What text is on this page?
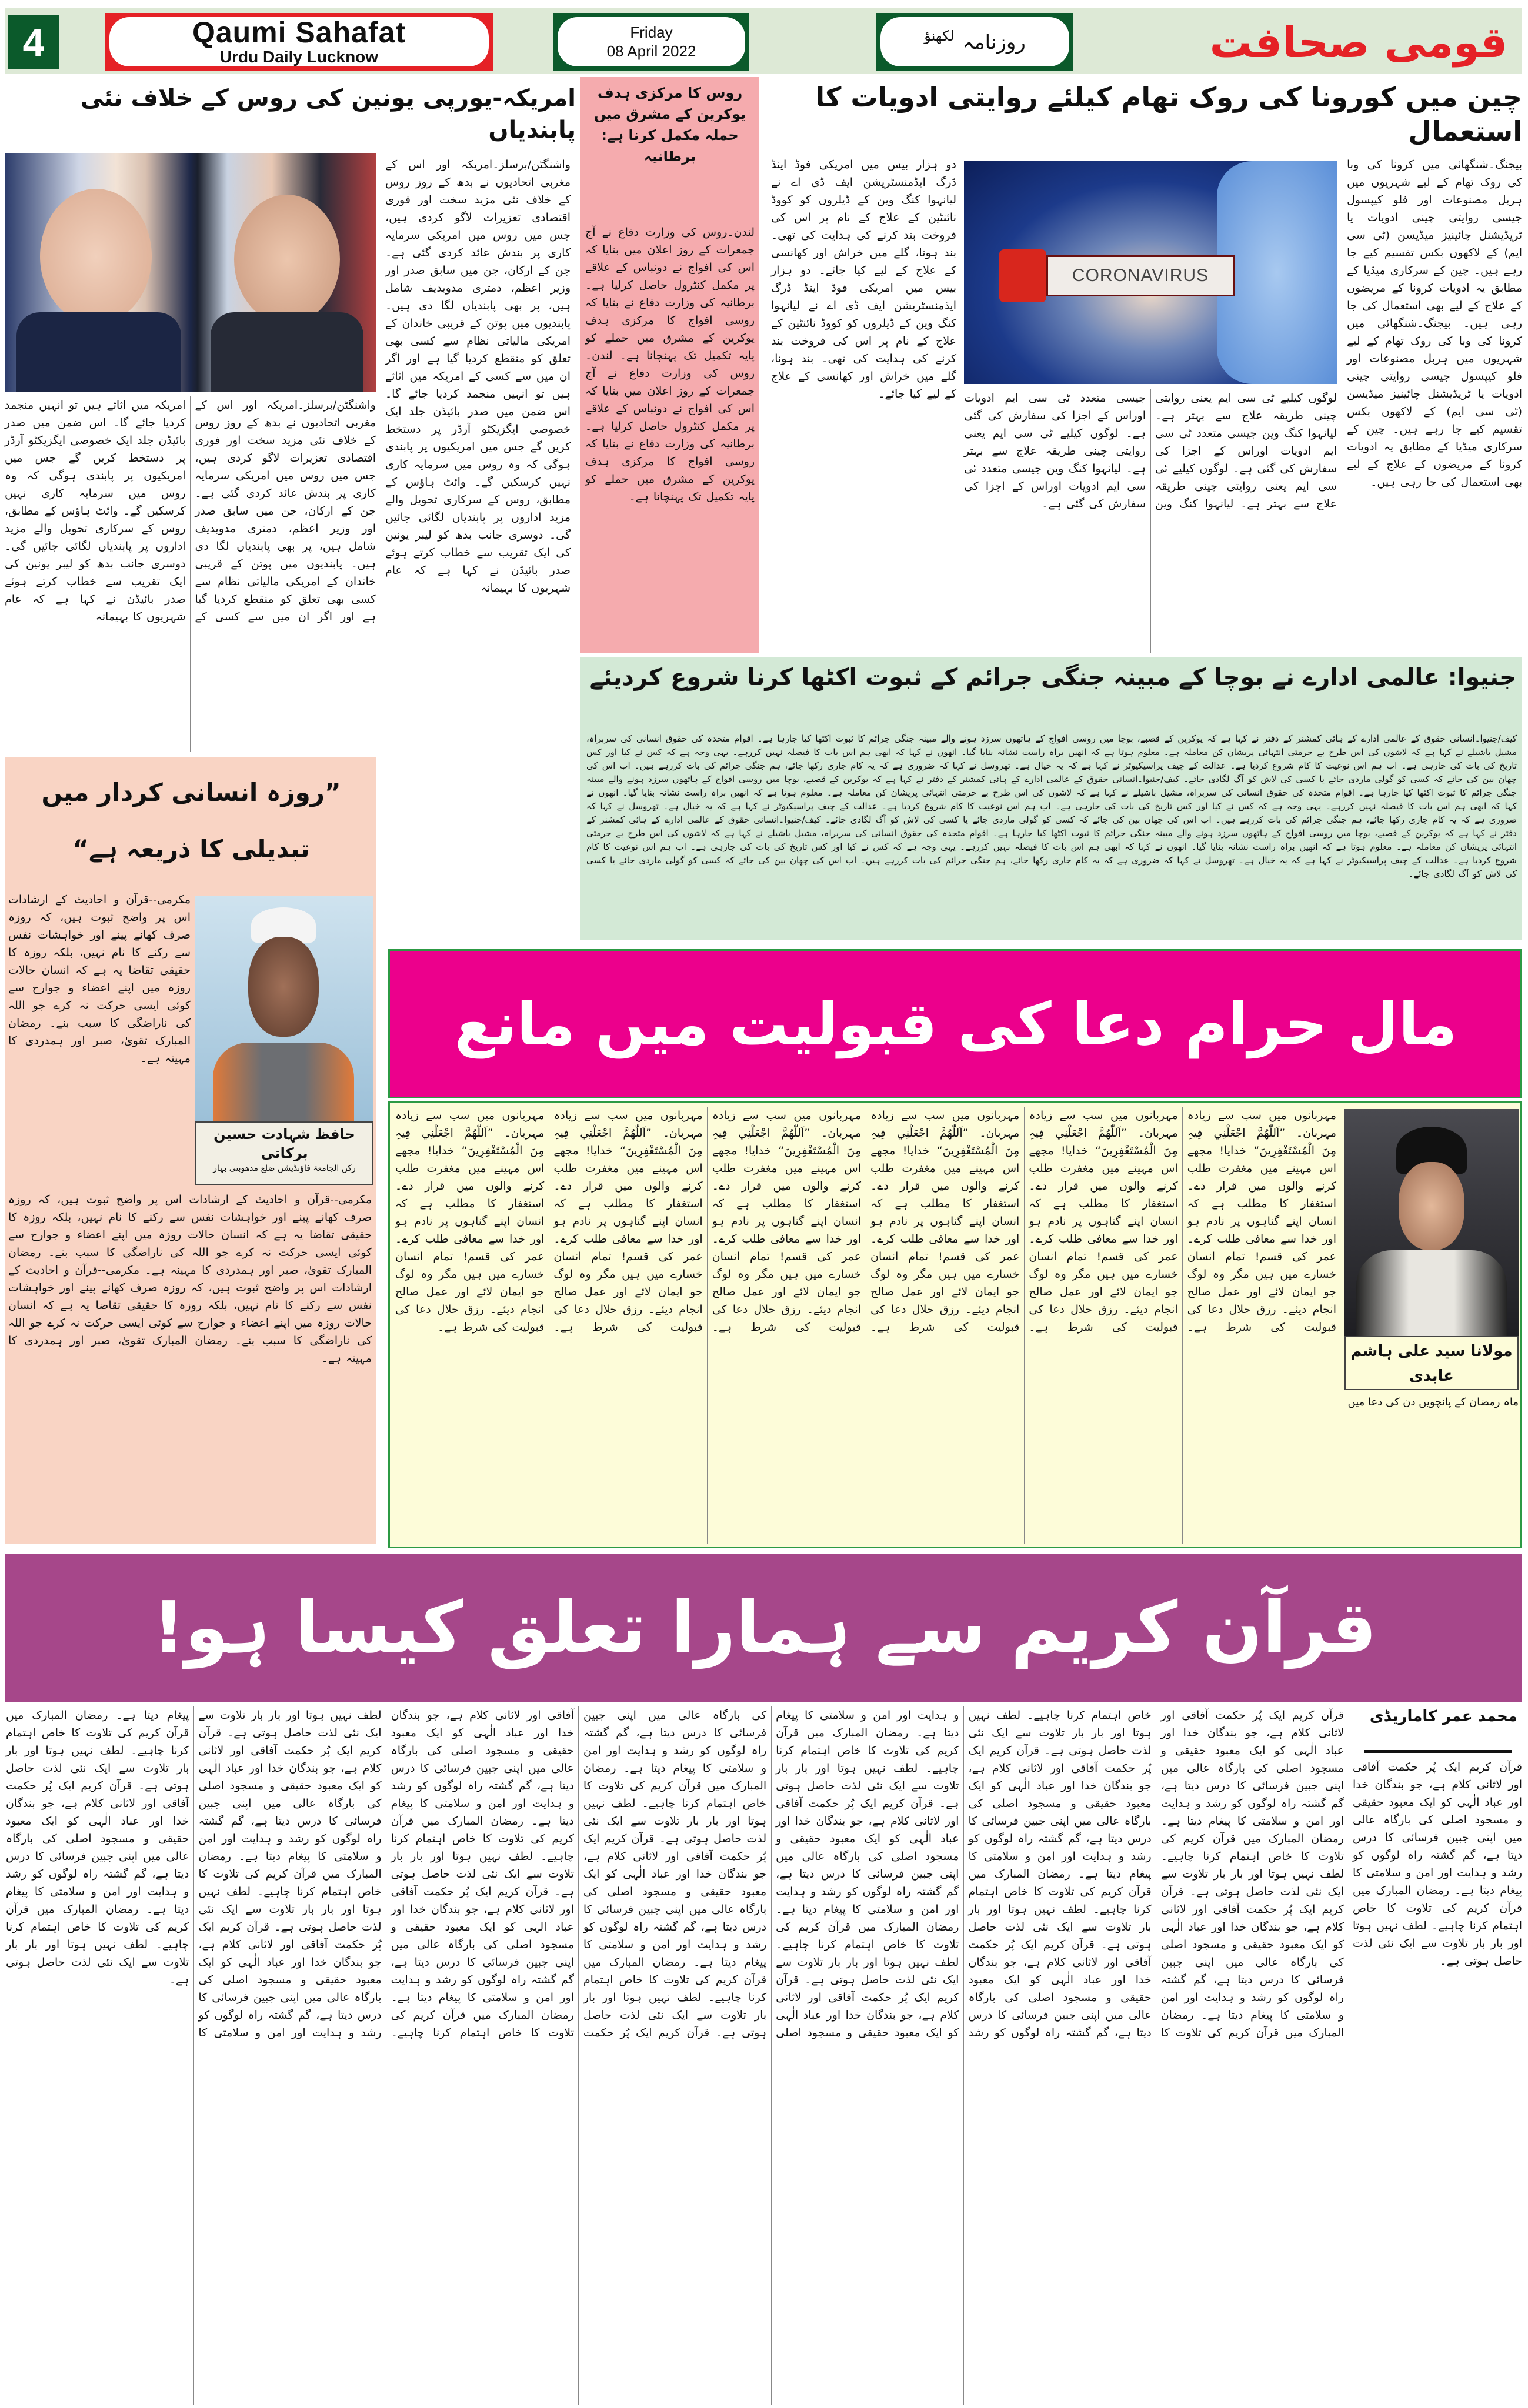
4	Qaumi Sahafat
Urdu Daily Lucknow
Friday
08 April 2022	روزنامہ
لکھنؤ	قومی صحافت
امریکہ-یورپی یونین کی روس کے خلاف نئی پابندیاں
واشنگٹن/برسلز۔امریکہ اور اس کے مغربی اتحادیوں نے بدھ کے روز روس کے خلاف نئی مزید سخت اور فوری اقتصادی تعزیرات لاگو کردی ہیں، جس میں روس میں امریکی سرمایہ کاری پر بندش عائد کردی گئی ہے۔ جن کے ارکان، جن میں سابق صدر اور وزیر اعظم، دمتری مدویدیف شامل ہیں، پر بھی پابندیاں لگا دی ہیں۔ پابندیوں میں پوتن کے قریبی خاندان کے امریکی مالیاتی نظام سے کسی بھی تعلق کو منقطع کردیا گیا ہے اور اگر ان میں سے کسی کے امریکہ میں اثاثے ہیں تو انہیں منجمد کردیا جائے گا۔ اس ضمن میں صدر بائیڈن جلد ایک خصوصی ایگزیکٹو آرڈر پر دستخط کریں گے جس میں امریکیوں پر پابندی ہوگی کہ وہ روس میں سرمایہ کاری نہیں کرسکیں گے۔ وائٹ ہاؤس کے مطابق، روس کے سرکاری تحویل والے مزید اداروں پر پابندیاں لگائی جائیں گی۔ دوسری جانب بدھ کو لیبر یونین کی ایک تقریب سے خطاب کرتے ہوئے صدر بائیڈن نے کہا ہے کہ عام شہریوں کا بہیمانہ
واشنگٹن/برسلز۔امریکہ اور اس کے مغربی اتحادیوں نے بدھ کے روز روس کے خلاف نئی مزید سخت اور فوری اقتصادی تعزیرات لاگو کردی ہیں، جس میں روس میں امریکی سرمایہ کاری پر بندش عائد کردی گئی ہے۔ جن کے ارکان، جن میں سابق صدر اور وزیر اعظم، دمتری مدویدیف شامل ہیں، پر بھی پابندیاں لگا دی ہیں۔ پابندیوں میں پوتن کے قریبی خاندان کے امریکی مالیاتی نظام سے کسی بھی تعلق کو منقطع کردیا گیا ہے اور اگر ان میں سے کسی کے امریکہ میں اثاثے ہیں تو انہیں منجمد کردیا جائے گا۔ اس ضمن میں صدر بائیڈن جلد ایک خصوصی ایگزیکٹو آرڈر پر دستخط کریں گے جس میں امریکیوں پر پابندی ہوگی کہ وہ روس میں سرمایہ کاری نہیں کرسکیں گے۔ وائٹ ہاؤس کے مطابق، روس کے سرکاری تحویل والے مزید اداروں پر پابندیاں لگائی جائیں گی۔ دوسری جانب بدھ کو لیبر یونین کی ایک تقریب سے خطاب کرتے ہوئے صدر بائیڈن نے کہا ہے کہ عام شہریوں کا بہیمانہ
روس کا مرکزی ہدف
یوکرین کے مشرق میں
حملہ مکمل کرنا ہے: برطانیہ
لندن۔روس کی وزارت دفاع نے آج جمعرات کے روز اعلان میں بتایا کہ اس کی افواج نے دونباس کے علاقے پر مکمل کنٹرول حاصل کرلیا ہے۔ برطانیہ کی وزارت دفاع نے بتایا کہ روسی افواج کا مرکزی ہدف یوکرین کے مشرق میں حملے کو پایہ تکمیل تک پہنچانا ہے۔ لندن۔روس کی وزارت دفاع نے آج جمعرات کے روز اعلان میں بتایا کہ اس کی افواج نے دونباس کے علاقے پر مکمل کنٹرول حاصل کرلیا ہے۔ برطانیہ کی وزارت دفاع نے بتایا کہ روسی افواج کا مرکزی ہدف یوکرین کے مشرق میں حملے کو پایہ تکمیل تک پہنچانا ہے۔
چین میں کورونا کی روک تھام کیلئے روایتی ادویات کا استعمال
بیجنگ۔شنگھائی میں کرونا کی وبا کی روک تھام کے لیے شہریوں میں ہربل مصنوعات اور فلو کیپسول جیسی روایتی چینی ادویات یا ٹریڈیشنل چائینیز میڈیسن (ٹی سی ایم) کے لاکھوں بکس تقسیم کیے جا رہے ہیں۔ چین کے سرکاری میڈیا کے مطابق یہ ادویات کرونا کے مریضوں کے علاج کے لیے بھی استعمال کی جا رہی ہیں۔ بیجنگ۔شنگھائی میں کرونا کی وبا کی روک تھام کے لیے شہریوں میں ہربل مصنوعات اور فلو کیپسول جیسی روایتی چینی ادویات یا ٹریڈیشنل چائینیز میڈیسن (ٹی سی ایم) کے لاکھوں بکس تقسیم کیے جا رہے ہیں۔ چین کے سرکاری میڈیا کے مطابق یہ ادویات کرونا کے مریضوں کے علاج کے لیے بھی استعمال کی جا رہی ہیں۔
CORONAVIRUS
لوگوں کیلیے ٹی سی ایم یعنی روایتی چینی طریقہ علاج سے بہتر ہے۔ لیانہوا کنگ وین جیسی متعدد ٹی سی ایم ادویات اوراس کے اجزا کی سفارش کی گئی ہے۔ لوگوں کیلیے ٹی سی ایم یعنی روایتی چینی طریقہ علاج سے بہتر ہے۔ لیانہوا کنگ وین جیسی متعدد ٹی سی ایم ادویات اوراس کے اجزا کی سفارش کی گئی ہے۔ لوگوں کیلیے ٹی سی ایم یعنی روایتی چینی طریقہ علاج سے بہتر ہے۔ لیانہوا کنگ وین جیسی متعدد ٹی سی ایم ادویات اوراس کے اجزا کی سفارش کی گئی ہے۔
دو ہزار بیس میں امریکی فوڈ اینڈ ڈرگ ایڈمنسٹریشن ایف ڈی اے نے لیانہوا کنگ وین کے ڈیلروں کو کووڈ نائنٹین کے علاج کے نام پر اس کی فروخت بند کرنے کی ہدایت کی تھی۔ بند ہونا، گلے میں خراش اور کھانسی کے علاج کے لیے کیا جائے۔ دو ہزار بیس میں امریکی فوڈ اینڈ ڈرگ ایڈمنسٹریشن ایف ڈی اے نے لیانہوا کنگ وین کے ڈیلروں کو کووڈ نائنٹین کے علاج کے نام پر اس کی فروخت بند کرنے کی ہدایت کی تھی۔ بند ہونا، گلے میں خراش اور کھانسی کے علاج کے لیے کیا جائے۔
جنیوا: عالمی ادارے نے بوچا کے مبینہ جنگی جرائم کے ثبوت اکٹھا کرنا شروع کردیئے
کیف/جنیوا۔انسانی حقوق کے عالمی ادارے کے ہائی کمشنر کے دفتر نے کہا ہے کہ یوکرین کے قصبے، بوچا میں روسی افواج کے ہاتھوں سرزد ہونے والے مبینہ جنگی جرائم کا ثبوت اکٹھا کیا جارہا ہے۔ اقوام متحدہ کی حقوق انسانی کی سربراہ، مشیل باشیلے نے کہا ہے کہ لاشوں کی اس طرح بے حرمتی انتہائی پریشان کن معاملہ ہے۔ معلوم ہوتا ہے کہ انھیں براہ راست نشانہ بنایا گیا۔ انھوں نے کہا کہ ابھی ہم اس بات کا فیصلہ نہیں کررہے۔ یہی وجہ ہے کہ کس نے کیا اور کس تاریخ کی بات کی جارہی ہے۔ اب ہم اس نوعیت کا کام شروع کردیا ہے۔ عدالت کے چیف پراسیکیوٹر نے کہا ہے کہ یہ خیال ہے۔ تھروسل نے کہا کہ ضروری ہے کہ یہ کام جاری رکھا جائے، ہم جنگی جرائم کی بات کررہے ہیں۔ اب اس کی چھان بین کی جائے کہ کسی کو گولی ماردی جائے یا کسی کی لاش کو آگ لگادی جائے۔ کیف/جنیوا۔انسانی حقوق کے عالمی ادارے کے ہائی کمشنر کے دفتر نے کہا ہے کہ یوکرین کے قصبے، بوچا میں روسی افواج کے ہاتھوں سرزد ہونے والے مبینہ جنگی جرائم کا ثبوت اکٹھا کیا جارہا ہے۔ اقوام متحدہ کی حقوق انسانی کی سربراہ، مشیل باشیلے نے کہا ہے کہ لاشوں کی اس طرح بے حرمتی انتہائی پریشان کن معاملہ ہے۔ معلوم ہوتا ہے کہ انھیں براہ راست نشانہ بنایا گیا۔ انھوں نے کہا کہ ابھی ہم اس بات کا فیصلہ نہیں کررہے۔ یہی وجہ ہے کہ کس نے کیا اور کس تاریخ کی بات کی جارہی ہے۔ اب ہم اس نوعیت کا کام شروع کردیا ہے۔ عدالت کے چیف پراسیکیوٹر نے کہا ہے کہ یہ خیال ہے۔ تھروسل نے کہا کہ ضروری ہے کہ یہ کام جاری رکھا جائے، ہم جنگی جرائم کی بات کررہے ہیں۔ اب اس کی چھان بین کی جائے کہ کسی کو گولی ماردی جائے یا کسی کی لاش کو آگ لگادی جائے۔ کیف/جنیوا۔انسانی حقوق کے عالمی ادارے کے ہائی کمشنر کے دفتر نے کہا ہے کہ یوکرین کے قصبے، بوچا میں روسی افواج کے ہاتھوں سرزد ہونے والے مبینہ جنگی جرائم کا ثبوت اکٹھا کیا جارہا ہے۔ اقوام متحدہ کی حقوق انسانی کی سربراہ، مشیل باشیلے نے کہا ہے کہ لاشوں کی اس طرح بے حرمتی انتہائی پریشان کن معاملہ ہے۔ معلوم ہوتا ہے کہ انھیں براہ راست نشانہ بنایا گیا۔ انھوں نے کہا کہ ابھی ہم اس بات کا فیصلہ نہیں کررہے۔ یہی وجہ ہے کہ کس نے کیا اور کس تاریخ کی بات کی جارہی ہے۔ اب ہم اس نوعیت کا کام شروع کردیا ہے۔ عدالت کے چیف پراسیکیوٹر نے کہا ہے کہ یہ خیال ہے۔ تھروسل نے کہا کہ ضروری ہے کہ یہ کام جاری رکھا جائے، ہم جنگی جرائم کی بات کررہے ہیں۔ اب اس کی چھان بین کی جائے کہ کسی کو گولی ماردی جائے یا کسی کی لاش کو آگ لگادی جائے۔
”روزہ انسانی کردار میں
تبدیلی کا ذریعہ ہے“
مکرمی--قرآن و احادیث کے ارشادات اس پر واضح ثبوت ہیں، کہ روزہ صرف کھانے پینے اور خواہشات نفس سے رکنے کا نام نہیں، بلکہ روزہ کا حقیقی تقاضا یہ ہے کہ انسان حالات روزہ میں اپنے اعضاء و جوارح سے کوئی ایسی حرکت نہ کرے جو اللہ کی ناراضگی کا سبب بنے۔ رمضان المبارک تقویٰ، صبر اور ہمدردی کا مہینہ ہے۔
حافظ شہادت حسین برکاتی
رکن الجامعۃ فاؤنڈیشن ضلع مدھوبنی بہار
مکرمی--قرآن و احادیث کے ارشادات اس پر واضح ثبوت ہیں، کہ روزہ صرف کھانے پینے اور خواہشات نفس سے رکنے کا نام نہیں، بلکہ روزہ کا حقیقی تقاضا یہ ہے کہ انسان حالات روزہ میں اپنے اعضاء و جوارح سے کوئی ایسی حرکت نہ کرے جو اللہ کی ناراضگی کا سبب بنے۔ رمضان المبارک تقویٰ، صبر اور ہمدردی کا مہینہ ہے۔ مکرمی--قرآن و احادیث کے ارشادات اس پر واضح ثبوت ہیں، کہ روزہ صرف کھانے پینے اور خواہشات نفس سے رکنے کا نام نہیں، بلکہ روزہ کا حقیقی تقاضا یہ ہے کہ انسان حالات روزہ میں اپنے اعضاء و جوارح سے کوئی ایسی حرکت نہ کرے جو اللہ کی ناراضگی کا سبب بنے۔ رمضان المبارک تقویٰ، صبر اور ہمدردی کا مہینہ ہے۔
مال حرام دعا کی قبولیت میں مانع
مولانا سید علی ہاشم عابدی
ماہ رمضان کے پانچویں دن کی دعا میں
مہربانوں میں سب سے زیادہ مہربان۔ ”اَللّٰھُمَّ اجْعَلْنِي فِيہِ مِنَ الْمُسْتَغْفِرِينَ“ خدایا! مجھے اس مہینے میں مغفرت طلب کرنے والوں میں قرار دے۔ استغفار کا مطلب ہے کہ انسان اپنے گناہوں پر نادم ہو اور خدا سے معافی طلب کرے۔ عمر کی قسم! تمام انسان خسارے میں ہیں مگر وہ لوگ جو ایمان لائے اور عمل صالح انجام دیئے۔ رزق حلال دعا کی قبولیت کی شرط ہے۔ مہربانوں میں سب سے زیادہ مہربان۔ ”اَللّٰھُمَّ اجْعَلْنِي فِيہِ مِنَ الْمُسْتَغْفِرِينَ“ خدایا! مجھے اس مہینے میں مغفرت طلب کرنے والوں میں قرار دے۔ استغفار کا مطلب ہے کہ انسان اپنے گناہوں پر نادم ہو اور خدا سے معافی طلب کرے۔ عمر کی قسم! تمام انسان خسارے میں ہیں مگر وہ لوگ جو ایمان لائے اور عمل صالح انجام دیئے۔ رزق حلال دعا کی قبولیت کی شرط ہے۔ مہربانوں میں سب سے زیادہ مہربان۔ ”اَللّٰھُمَّ اجْعَلْنِي فِيہِ مِنَ الْمُسْتَغْفِرِينَ“ خدایا! مجھے اس مہینے میں مغفرت طلب کرنے والوں میں قرار دے۔ استغفار کا مطلب ہے کہ انسان اپنے گناہوں پر نادم ہو اور خدا سے معافی طلب کرے۔ عمر کی قسم! تمام انسان خسارے میں ہیں مگر وہ لوگ جو ایمان لائے اور عمل صالح انجام دیئے۔ رزق حلال دعا کی قبولیت کی شرط ہے۔ مہربانوں میں سب سے زیادہ مہربان۔ ”اَللّٰھُمَّ اجْعَلْنِي فِيہِ مِنَ الْمُسْتَغْفِرِينَ“ خدایا! مجھے اس مہینے میں مغفرت طلب کرنے والوں میں قرار دے۔ استغفار کا مطلب ہے کہ انسان اپنے گناہوں پر نادم ہو اور خدا سے معافی طلب کرے۔ عمر کی قسم! تمام انسان خسارے میں ہیں مگر وہ لوگ جو ایمان لائے اور عمل صالح انجام دیئے۔ رزق حلال دعا کی قبولیت کی شرط ہے۔ مہربانوں میں سب سے زیادہ مہربان۔ ”اَللّٰھُمَّ اجْعَلْنِي فِيہِ مِنَ الْمُسْتَغْفِرِينَ“ خدایا! مجھے اس مہینے میں مغفرت طلب کرنے والوں میں قرار دے۔ استغفار کا مطلب ہے کہ انسان اپنے گناہوں پر نادم ہو اور خدا سے معافی طلب کرے۔ عمر کی قسم! تمام انسان خسارے میں ہیں مگر وہ لوگ جو ایمان لائے اور عمل صالح انجام دیئے۔ رزق حلال دعا کی قبولیت کی شرط ہے۔ مہربانوں میں سب سے زیادہ مہربان۔ ”اَللّٰھُمَّ اجْعَلْنِي فِيہِ مِنَ الْمُسْتَغْفِرِينَ“ خدایا! مجھے اس مہینے میں مغفرت طلب کرنے والوں میں قرار دے۔ استغفار کا مطلب ہے کہ انسان اپنے گناہوں پر نادم ہو اور خدا سے معافی طلب کرے۔ عمر کی قسم! تمام انسان خسارے میں ہیں مگر وہ لوگ جو ایمان لائے اور عمل صالح انجام دیئے۔ رزق حلال دعا کی قبولیت کی شرط ہے۔
قرآن کریم سے ہمارا تعلق کیسا ہو!
محمد عمر کاماریڈی
قرآن کریم ایک پُر حکمت آفاقی اور لاثانی کلام ہے، جو بندگان خدا اور عباد الٰہی کو ایک معبود حقیقی و مسجود اصلی کی بارگاہ عالی میں اپنی جبین فرسائی کا درس دیتا ہے، گم گشتہ راہ لوگوں کو رشد و ہدایت اور امن و سلامتی کا پیغام دیتا ہے۔ رمضان المبارک میں قرآن کریم کی تلاوت کا خاص اہتمام کرنا چاہیے۔ لطف نہیں ہوتا اور بار بار تلاوت سے ایک نئی لذت حاصل ہوتی ہے۔
قرآن کریم ایک پُر حکمت آفاقی اور لاثانی کلام ہے، جو بندگان خدا اور عباد الٰہی کو ایک معبود حقیقی و مسجود اصلی کی بارگاہ عالی میں اپنی جبین فرسائی کا درس دیتا ہے، گم گشتہ راہ لوگوں کو رشد و ہدایت اور امن و سلامتی کا پیغام دیتا ہے۔ رمضان المبارک میں قرآن کریم کی تلاوت کا خاص اہتمام کرنا چاہیے۔ لطف نہیں ہوتا اور بار بار تلاوت سے ایک نئی لذت حاصل ہوتی ہے۔ قرآن کریم ایک پُر حکمت آفاقی اور لاثانی کلام ہے، جو بندگان خدا اور عباد الٰہی کو ایک معبود حقیقی و مسجود اصلی کی بارگاہ عالی میں اپنی جبین فرسائی کا درس دیتا ہے، گم گشتہ راہ لوگوں کو رشد و ہدایت اور امن و سلامتی کا پیغام دیتا ہے۔ رمضان المبارک میں قرآن کریم کی تلاوت کا خاص اہتمام کرنا چاہیے۔ لطف نہیں ہوتا اور بار بار تلاوت سے ایک نئی لذت حاصل ہوتی ہے۔ قرآن کریم ایک پُر حکمت آفاقی اور لاثانی کلام ہے، جو بندگان خدا اور عباد الٰہی کو ایک معبود حقیقی و مسجود اصلی کی بارگاہ عالی میں اپنی جبین فرسائی کا درس دیتا ہے، گم گشتہ راہ لوگوں کو رشد و ہدایت اور امن و سلامتی کا پیغام دیتا ہے۔ رمضان المبارک میں قرآن کریم کی تلاوت کا خاص اہتمام کرنا چاہیے۔ لطف نہیں ہوتا اور بار بار تلاوت سے ایک نئی لذت حاصل ہوتی ہے۔ قرآن کریم ایک پُر حکمت آفاقی اور لاثانی کلام ہے، جو بندگان خدا اور عباد الٰہی کو ایک معبود حقیقی و مسجود اصلی کی بارگاہ عالی میں اپنی جبین فرسائی کا درس دیتا ہے، گم گشتہ راہ لوگوں کو رشد و ہدایت اور امن و سلامتی کا پیغام دیتا ہے۔ رمضان المبارک میں قرآن کریم کی تلاوت کا خاص اہتمام کرنا چاہیے۔ لطف نہیں ہوتا اور بار بار تلاوت سے ایک نئی لذت حاصل ہوتی ہے۔ قرآن کریم ایک پُر حکمت آفاقی اور لاثانی کلام ہے، جو بندگان خدا اور عباد الٰہی کو ایک معبود حقیقی و مسجود اصلی کی بارگاہ عالی میں اپنی جبین فرسائی کا درس دیتا ہے، گم گشتہ راہ لوگوں کو رشد و ہدایت اور امن و سلامتی کا پیغام دیتا ہے۔ رمضان المبارک میں قرآن کریم کی تلاوت کا خاص اہتمام کرنا چاہیے۔ لطف نہیں ہوتا اور بار بار تلاوت سے ایک نئی لذت حاصل ہوتی ہے۔ قرآن کریم ایک پُر حکمت آفاقی اور لاثانی کلام ہے، جو بندگان خدا اور عباد الٰہی کو ایک معبود حقیقی و مسجود اصلی کی بارگاہ عالی میں اپنی جبین فرسائی کا درس دیتا ہے، گم گشتہ راہ لوگوں کو رشد و ہدایت اور امن و سلامتی کا پیغام دیتا ہے۔ رمضان المبارک میں قرآن کریم کی تلاوت کا خاص اہتمام کرنا چاہیے۔ لطف نہیں ہوتا اور بار بار تلاوت سے ایک نئی لذت حاصل ہوتی ہے۔ قرآن کریم ایک پُر حکمت آفاقی اور لاثانی کلام ہے، جو بندگان خدا اور عباد الٰہی کو ایک معبود حقیقی و مسجود اصلی کی بارگاہ عالی میں اپنی جبین فرسائی کا درس دیتا ہے، گم گشتہ راہ لوگوں کو رشد و ہدایت اور امن و سلامتی کا پیغام دیتا ہے۔ رمضان المبارک میں قرآن کریم کی تلاوت کا خاص اہتمام کرنا چاہیے۔ لطف نہیں ہوتا اور بار بار تلاوت سے ایک نئی لذت حاصل ہوتی ہے۔ قرآن کریم ایک پُر حکمت آفاقی اور لاثانی کلام ہے، جو بندگان خدا اور عباد الٰہی کو ایک معبود حقیقی و مسجود اصلی کی بارگاہ عالی میں اپنی جبین فرسائی کا درس دیتا ہے، گم گشتہ راہ لوگوں کو رشد و ہدایت اور امن و سلامتی کا پیغام دیتا ہے۔ رمضان المبارک میں قرآن کریم کی تلاوت کا خاص اہتمام کرنا چاہیے۔ لطف نہیں ہوتا اور بار بار تلاوت سے ایک نئی لذت حاصل ہوتی ہے۔ قرآن کریم ایک پُر حکمت آفاقی اور لاثانی کلام ہے، جو بندگان خدا اور عباد الٰہی کو ایک معبود حقیقی و مسجود اصلی کی بارگاہ عالی میں اپنی جبین فرسائی کا درس دیتا ہے، گم گشتہ راہ لوگوں کو رشد و ہدایت اور امن و سلامتی کا پیغام دیتا ہے۔ رمضان المبارک میں قرآن کریم کی تلاوت کا خاص اہتمام کرنا چاہیے۔ لطف نہیں ہوتا اور بار بار تلاوت سے ایک نئی لذت حاصل ہوتی ہے۔ قرآن کریم ایک پُر حکمت آفاقی اور لاثانی کلام ہے، جو بندگان خدا اور عباد الٰہی کو ایک معبود حقیقی و مسجود اصلی کی بارگاہ عالی میں اپنی جبین فرسائی کا درس دیتا ہے، گم گشتہ راہ لوگوں کو رشد و ہدایت اور امن و سلامتی کا پیغام دیتا ہے۔ رمضان المبارک میں قرآن کریم کی تلاوت کا خاص اہتمام کرنا چاہیے۔ لطف نہیں ہوتا اور بار بار تلاوت سے ایک نئی لذت حاصل ہوتی ہے۔ قرآن کریم ایک پُر حکمت آفاقی اور لاثانی کلام ہے، جو بندگان خدا اور عباد الٰہی کو ایک معبود حقیقی و مسجود اصلی کی بارگاہ عالی میں اپنی جبین فرسائی کا درس دیتا ہے، گم گشتہ راہ لوگوں کو رشد و ہدایت اور امن و سلامتی کا پیغام دیتا ہے۔ رمضان المبارک میں قرآن کریم کی تلاوت کا خاص اہتمام کرنا چاہیے۔ لطف نہیں ہوتا اور بار بار تلاوت سے ایک نئی لذت حاصل ہوتی ہے۔ قرآن کریم ایک پُر حکمت آفاقی اور لاثانی کلام ہے، جو بندگان خدا اور عباد الٰہی کو ایک معبود حقیقی و مسجود اصلی کی بارگاہ عالی میں اپنی جبین فرسائی کا درس دیتا ہے، گم گشتہ راہ لوگوں کو رشد و ہدایت اور امن و سلامتی کا پیغام دیتا ہے۔ رمضان المبارک میں قرآن کریم کی تلاوت کا خاص اہتمام کرنا چاہیے۔ لطف نہیں ہوتا اور بار بار تلاوت سے ایک نئی لذت حاصل ہوتی ہے۔
